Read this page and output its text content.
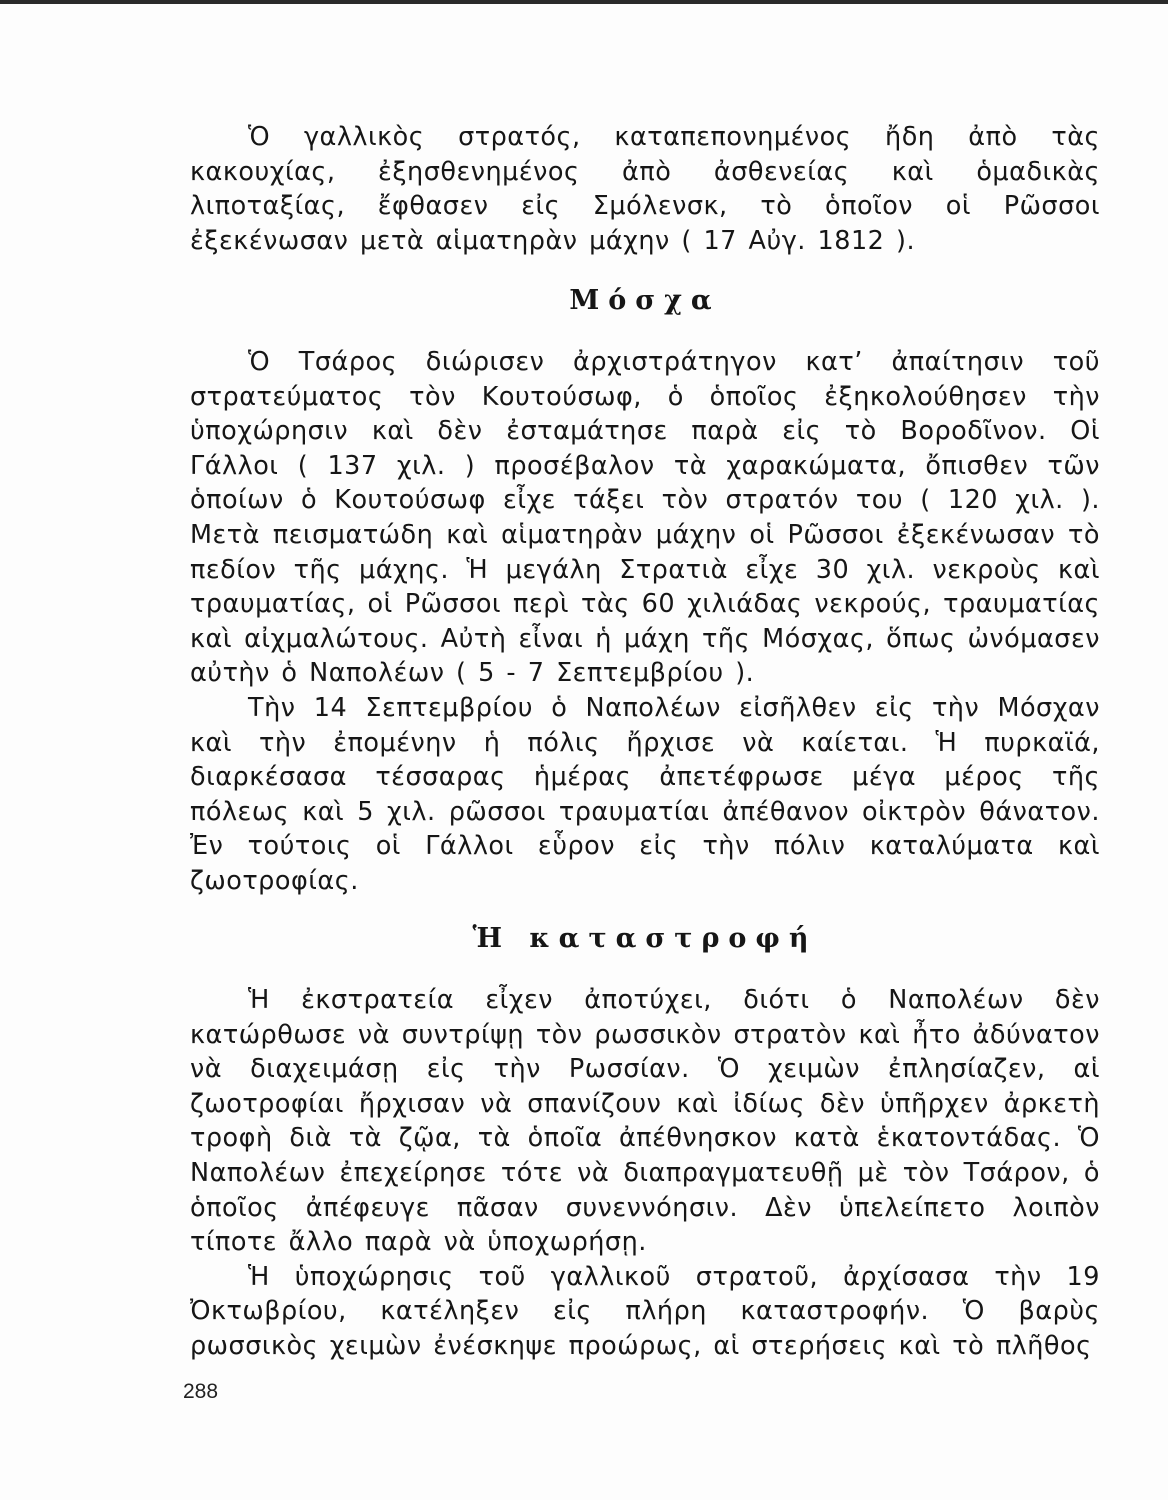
Ὁ γαλλικὸς στρατός, καταπεπονημένος ἤδη ἀπὸ τὰς κακουχίας, ἐξησθενημένος ἀπὸ ἀσθενείας καὶ ὁμαδικὰς λιποταξίας, ἔφθασεν εἰς Σμόλενσκ, τὸ ὁποῖον οἱ Ρῶσσοι ἐξεκένωσαν μετὰ αἱματηρὰν μάχην ( 17 Αὐγ. 1812 ).

Μόσχα

Ὁ Τσάρος διώρισεν ἀρχιστράτηγον κατ’ ἀπαίτησιν τοῦ στρατεύματος τὸν Κουτούσωφ, ὁ ὁποῖος ἐξηκολούθησεν τὴν ὑποχώρησιν καὶ δὲν ἐσταμάτησε παρὰ εἰς τὸ Βοροδῖνον. Οἱ Γάλλοι ( 137 χιλ. ) προσέβαλον τὰ χαρακώματα, ὄπισθεν τῶν ὁποίων ὁ Κουτούσωφ εἶχε τάξει τὸν στρατόν του ( 120 χιλ. ). Μετὰ πεισματώδη καὶ αἱματηρὰν μάχην οἱ Ρῶσσοι ἐξεκένωσαν τὸ πεδίον τῆς μάχης. Ἡ μεγάλη Στρατιὰ εἶχε 30 χιλ. νεκροὺς καὶ τραυματίας, οἱ Ρῶσσοι περὶ τὰς 60 χιλιάδας νεκρούς, τραυματίας καὶ αἰχμαλώτους. Αὐτὴ εἶναι ἡ μάχη τῆς Μόσχας, ὅπως ὠνόμασεν αὐτὴν ὁ Ναπολέων ( 5 - 7 Σεπτεμβρίου ).

Τὴν 14 Σεπτεμβρίου ὁ Ναπολέων εἰσῆλθεν εἰς τὴν Μόσχαν καὶ τὴν ἐπομένην ἡ πόλις ἤρχισε νὰ καίεται. Ἡ πυρκαϊά, διαρκέσασα τέσσαρας ἡμέρας ἀπετέφρωσε μέγα μέρος τῆς πόλεως καὶ 5 χιλ. ρῶσσοι τραυματίαι ἀπέθανον οἰκτρὸν θάνατον. Ἐν τούτοις οἱ Γάλλοι εὗρον εἰς τὴν πόλιν καταλύματα καὶ ζωοτροφίας.

Ἡ καταστροφή

Ἡ ἐκστρατεία εἶχεν ἀποτύχει, διότι ὁ Ναπολέων δὲν κατώρθωσε νὰ συντρίψῃ τὸν ρωσσικὸν στρατὸν καὶ ἦτο ἀδύνατον νὰ διαχειμάσῃ εἰς τὴν Ρωσσίαν. Ὁ χειμὼν ἐπλησίαζεν, αἱ ζωοτροφίαι ἤρχισαν νὰ σπανίζουν καὶ ἰδίως δὲν ὑπῆρχεν ἀρκετὴ τροφὴ διὰ τὰ ζῷα, τὰ ὁποῖα ἀπέθνησκον κατὰ ἑκατοντάδας. Ὁ Ναπολέων ἐπεχείρησε τότε νὰ διαπραγματευθῇ μὲ τὸν Τσάρον, ὁ ὁποῖος ἀπέφευγε πᾶσαν συνεννόησιν. Δὲν ὑπελείπετο λοιπὸν τίποτε ἄλλο παρὰ νὰ ὑποχωρήσῃ.

Ἡ ὑποχώρησις τοῦ γαλλικοῦ στρατοῦ, ἀρχίσασα τὴν 19 Ὀκτωβρίου, κατέληξεν εἰς πλήρη καταστροφήν. Ὁ βαρὺς ρωσσικὸς χειμὼν ἐνέσκηψε προώρως, αἱ στερήσεις καὶ τὸ πλῆθος

288
